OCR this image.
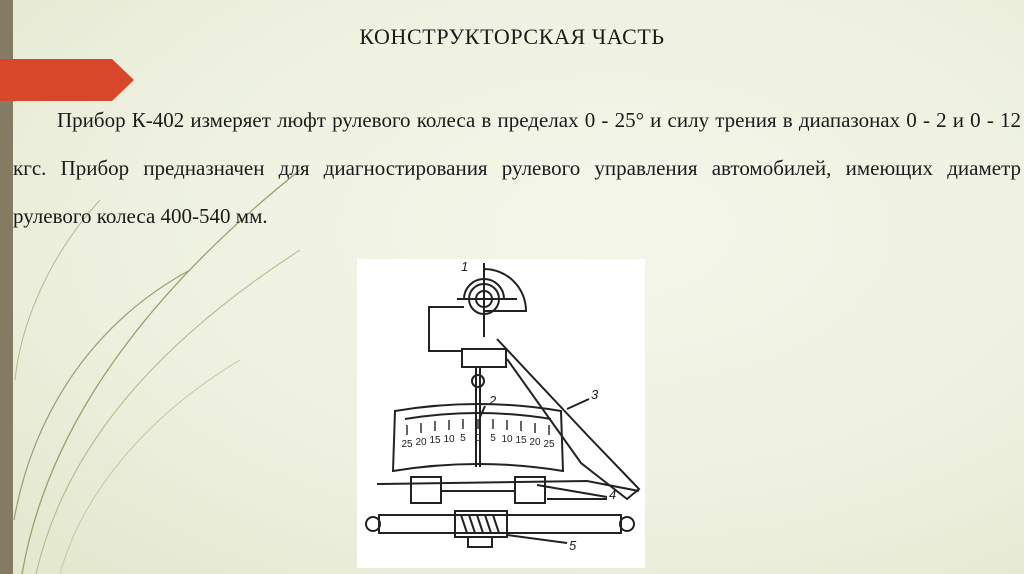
КОНСТРУКТОРСКАЯ ЧАСТЬ
Прибор К-402 измеряет люфт рулевого колеса в пределах 0 - 25° и силу трения в диапазонах 0 - 2 и 0 - 12 кгс. Прибор предназначен для диагностирования рулевого управления автомобилей, имеющих диаметр рулевого колеса 400-540 мм.
25 20 15 10 5 0 5 10 15 20 25
1
2	3
4
5
